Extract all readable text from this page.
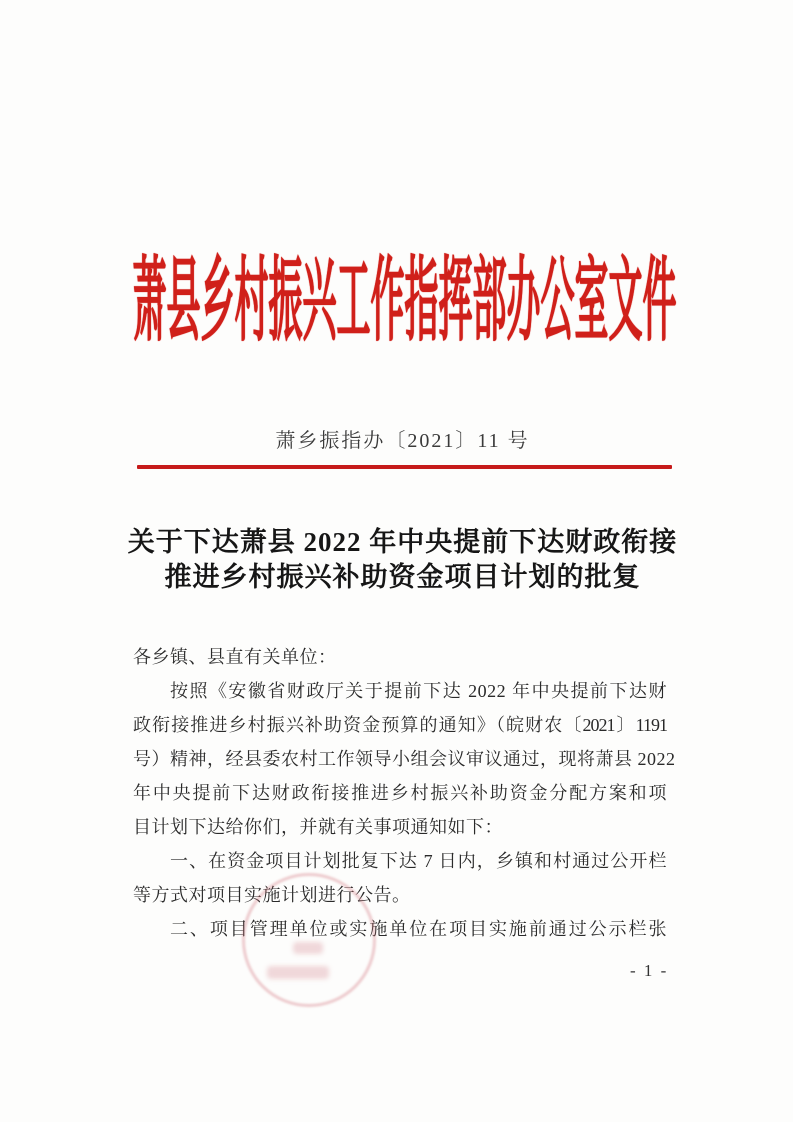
萧县乡村振兴工作指挥部办公室文件
萧乡振指办〔2021〕11 号
关于下达萧县 2022 年中央提前下达财政衔接
推进乡村振兴补助资金项目计划的批复
各乡镇、县直有关单位：
按照《安徽省财政厅关于提前下达 2022 年中央提前下达财
政衔接推进乡村振兴补助资金预算的通知》（皖财农〔2021〕1191
号）精神，经县委农村工作领导小组会议审议通过，现将萧县 2022
年中央提前下达财政衔接推进乡村振兴补助资金分配方案和项
目计划下达给你们，并就有关事项通知如下：
一、在资金项目计划批复下达 7 日内，乡镇和村通过公开栏
等方式对项目实施计划进行公告。
二、项目管理单位或实施单位在项目实施前通过公示栏张
- 1 -
